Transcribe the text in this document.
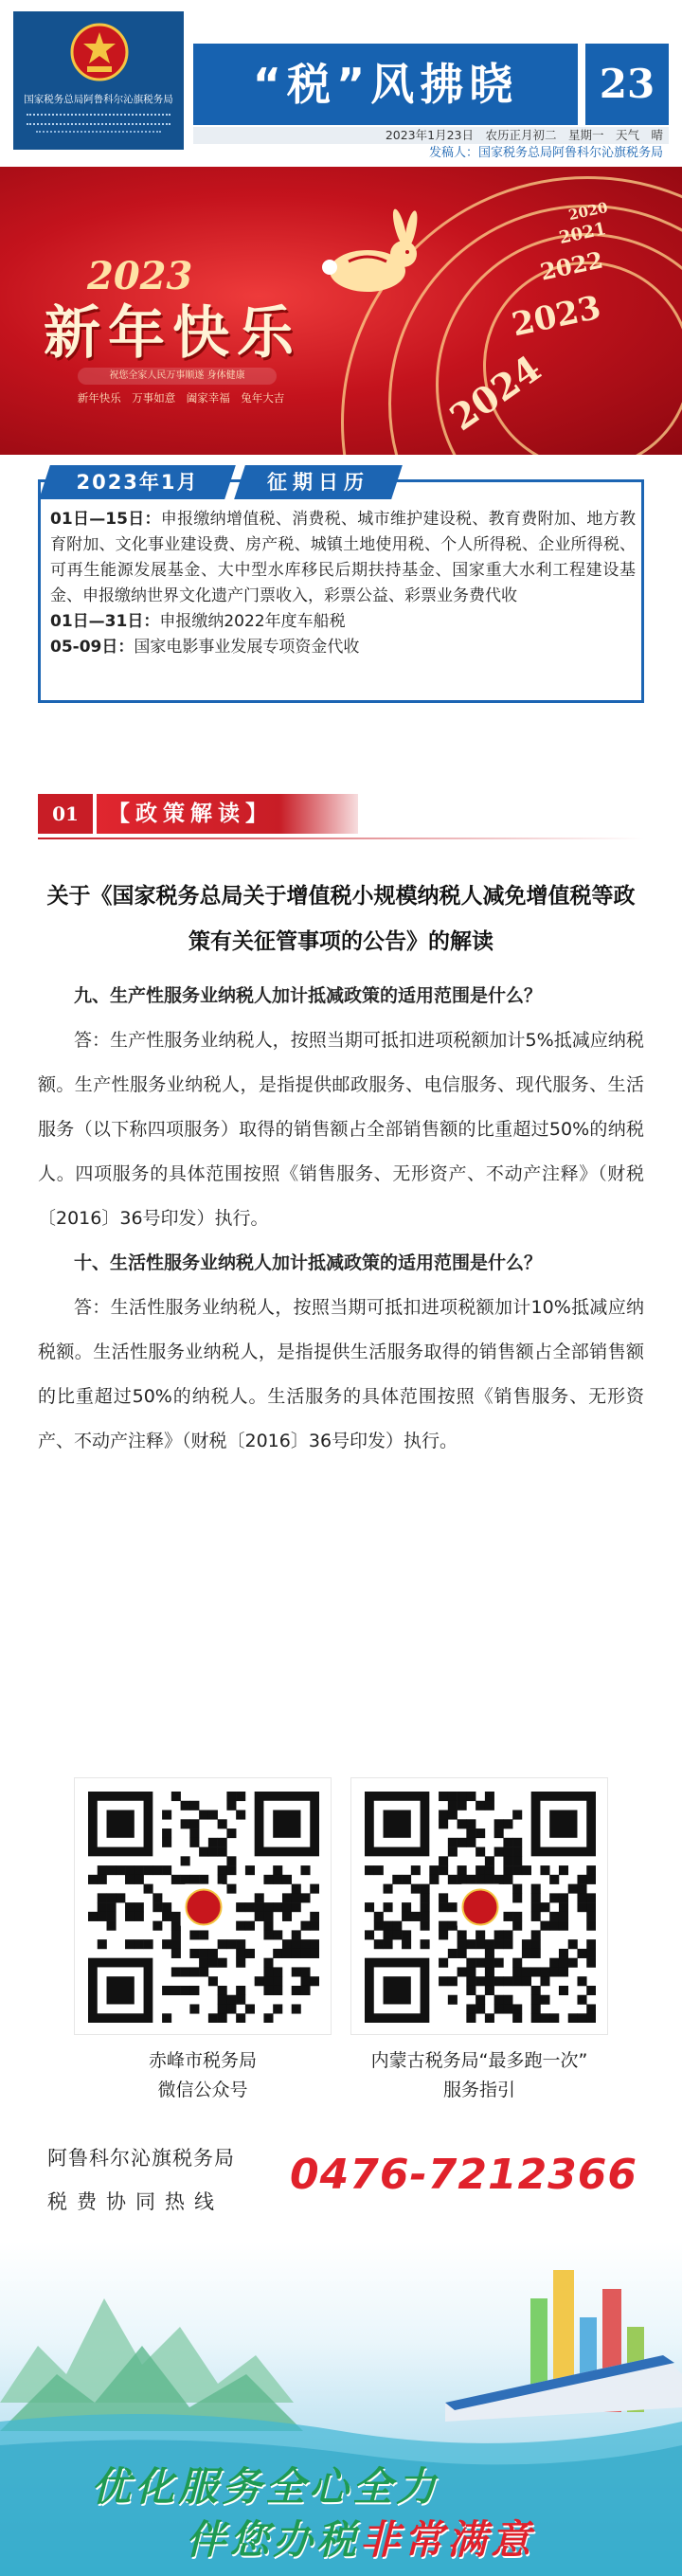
国家税务总局阿鲁科尔沁旗税务局	“税”风拂晓	23
2023年1月23日　农历正月初二　星期一　天气　晴
发稿人：国家税务总局阿鲁科尔沁旗税务局
2024
2023
2022
2021
2020
2023
新年快乐
祝您全家人民万事顺遂 身体健康
新年快乐　万事如意　阖家幸福　兔年大吉
2023年1月	征期日历
01日—15日：申报缴纳增值税、消费税、城市维护建设税、教育费附加、地方教育附加、文化事业建设费、房产税、城镇土地使用税、个人所得税、企业所得税、可再生能源发展基金、大中型水库移民后期扶持基金、国家重大水利工程建设基金、申报缴纳世界文化遗产门票收入，彩票公益、彩票业务费代收
01日—31日：申报缴纳2022年度车船税
05-09日：国家电影事业发展专项资金代收
01	【政策解读】
关于《国家税务总局关于增值税小规模纳税人减免增值税等政策有关征管事项的公告》的解读

九、生产性服务业纳税人加计抵减政策的适用范围是什么？

答：生产性服务业纳税人，按照当期可抵扣进项税额加计5%抵减应纳税额。生产性服务业纳税人，是指提供邮政服务、电信服务、现代服务、生活服务（以下称四项服务）取得的销售额占全部销售额的比重超过50%的纳税人。四项服务的具体范围按照《销售服务、无形资产、不动产注释》（财税〔2016〕36号印发）执行。

十、生活性服务业纳税人加计抵减政策的适用范围是什么？

答：生活性服务业纳税人，按照当期可抵扣进项税额加计10%抵减应纳税额。生活性服务业纳税人，是指提供生活服务取得的销售额占全部销售额的比重超过50%的纳税人。生活服务的具体范围按照《销售服务、无形资产、不动产注释》（财税〔2016〕36号印发）执行。

赤峰市税务局
微信公众号
内蒙古税务局“最多跑一次”
服务指引
阿鲁科尔沁旗税务局
税费协同热线
0476-7212366
优化服务全心全力
伴您办税非常满意
